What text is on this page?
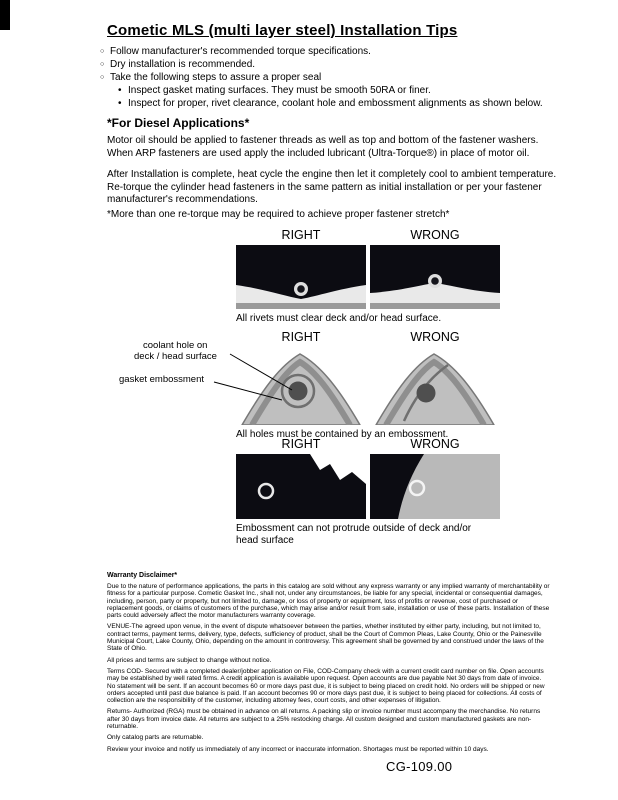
Cometic MLS (multi layer steel) Installation Tips
○ Follow manufacturer's recommended torque specifications.
○ Dry installation is recommended.
○ Take the following steps to assure a proper seal
• Inspect gasket mating surfaces. They must be smooth 50RA or finer.
• Inspect for proper, rivet clearance, coolant hole and embossment alignments as shown below.
*For Diesel Applications*
Motor oil should be applied to fastener threads as well as top and bottom of the fastener washers. When ARP fasteners are used apply the included lubricant (Ultra-Torque®) in place of motor oil.
After Installation is complete, heat cycle the engine then let it completely cool to ambient temperature. Re-torque the cylinder head fasteners in the same pattern as initial installation or per your fastener manufacturer's recommendations.
*More than one re-torque may be required to achieve proper fastener stretch*
RIGHT	WRONG
All rivets must clear deck and/or head surface.
RIGHT	WRONG
All holes must be contained by an embossment.
coolant hole on
deck / head surface
gasket embossment
RIGHT	WRONG
Embossment can not protrude outside of deck and/or head surface
Warranty Disclaimer*

Due to the nature of performance applications, the parts in this catalog are sold without any express warranty or any implied warranty of merchantability or fitness for a particular purpose. Cometic Gasket Inc., shall not, under any circumstances, be liable for any special, incidental or consequential damages, including, person, party or property, but not limited to, damage, or loss of property or equipment, loss of profits or revenue, cost of purchased or replacement goods, or claims of customers of the purchase, which may arise and/or result from sale, installation or use of these parts. Installation of these parts could adversely affect the motor manufacturers warranty coverage.

VENUE-The agreed upon venue, in the event of dispute whatsoever between the parties, whether instituted by either party, including, but not limited to, contract terms, payment terms, delivery, type, defects, sufficiency of product, shall be the Court of Common Pleas, Lake County, Ohio or the Painesville Municipal Court, Lake County, Ohio, depending on the amount in controversy. This agreement shall be governed by and construed under the laws of the State of Ohio.

All prices and terms are subject to change without notice.

Terms COD- Secured with a completed dealer/jobber application on File, COD-Company check with a current credit card number on file. Open accounts may be established by well rated firms. A credit application is available upon request. Open accounts are due payable Net 30 days from date of invoice. No statement will be sent. If an account becomes 60 or more days past due, it is subject to being placed on credit hold. No orders will be shipped or new orders accepted until past due balance is paid. If an account becomes 90 or more days past due, it is subject to being placed for collections. All costs of collection are the responsibility of the customer, including attorney fees, court costs, and other expenses of litigation.

Returns- Authorized (RGA) must be obtained in advance on all returns. A packing slip or invoice number must accompany the merchandise. No returns after 30 days from invoice date. All returns are subject to a 25% restocking charge. All custom designed and custom manufactured gaskets are non-returnable.

Only catalog parts are returnable.

Review your invoice and notify us immediately of any incorrect or inaccurate information. Shortages must be reported within 10 days.

CG-109.00
